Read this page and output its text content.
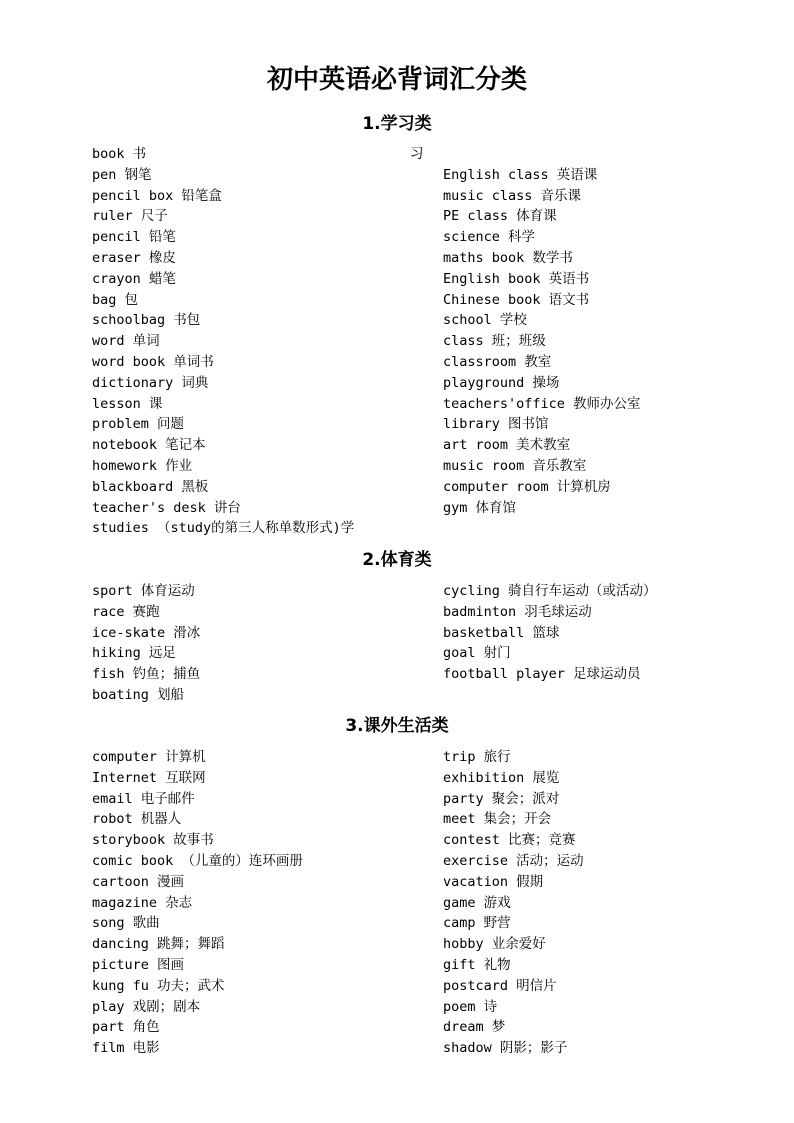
初中英语必背词汇分类
1.学习类
习
book 书
pen 钢笔
pencil box 铅笔盒
ruler 尺子
pencil 铅笔
eraser 橡皮
crayon 蜡笔
bag 包
schoolbag 书包
word 单词
word book 单词书
dictionary 词典
lesson 课
problem 问题
notebook 笔记本
homework 作业
blackboard 黑板
teacher's desk 讲台
studies （study的第三人称单数形式)学
English class 英语课
music class 音乐课
PE class 体育课
science 科学
maths book 数学书
English book 英语书
Chinese book 语文书
school 学校
class 班；班级
classroom 教室
playground 操场
teachers'office 教师办公室
library 图书馆
art room 美术教室
music room 音乐教室
computer room 计算机房
gym 体育馆
2.体育类
sport 体育运动
race 赛跑
ice-skate 滑冰
hiking 远足
fish 钓鱼；捕鱼
boating 划船
cycling 骑自行车运动（或活动）
badminton 羽毛球运动
basketball 篮球
goal 射门
football player 足球运动员
3.课外生活类
computer 计算机
Internet 互联网
email 电子邮件
robot 机器人
storybook 故事书
comic book （儿童的）连环画册
cartoon 漫画
magazine 杂志
song 歌曲
dancing 跳舞；舞蹈
picture 图画
kung fu 功夫；武术
play 戏剧；剧本
part 角色
film 电影
trip 旅行
exhibition 展览
party 聚会；派对
meet 集会；开会
contest 比赛；竞赛
exercise 活动；运动
vacation 假期
game 游戏
camp 野营
hobby 业余爱好
gift 礼物
postcard 明信片
poem 诗
dream 梦
shadow 阴影；影子
